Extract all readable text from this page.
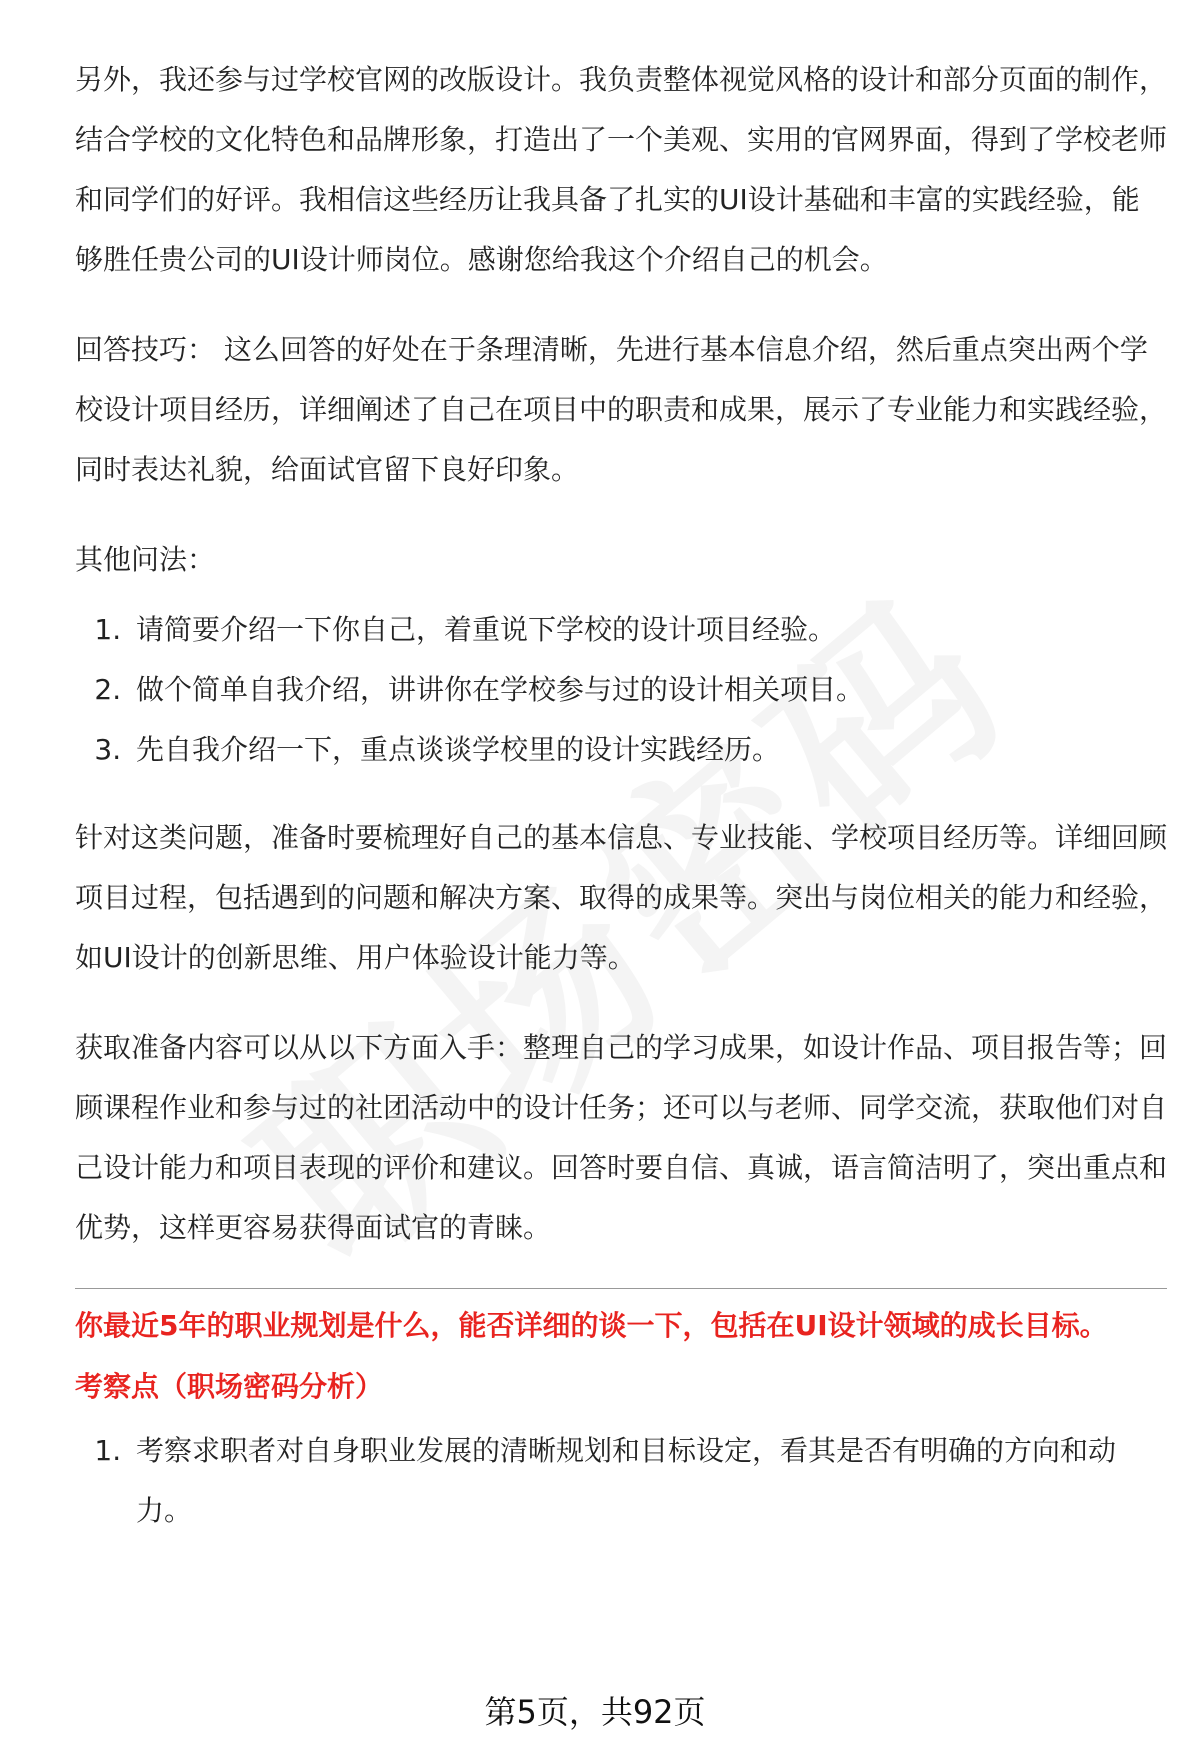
另外，我还参与过学校官网的改版设计。我负责整体视觉风格的设计和部分页面的制作，结合学校的文化特色和品牌形象，打造出了一个美观、实用的官网界面，得到了学校老师和同学们的好评。我相信这些经历让我具备了扎实的UI设计基础和丰富的实践经验，能够胜任贵公司的UI设计师岗位。感谢您给我这个介绍自己的机会。

回答技巧： 这么回答的好处在于条理清晰，先进行基本信息介绍，然后重点突出两个学校设计项目经历，详细阐述了自己在项目中的职责和成果，展示了专业能力和实践经验，同时表达礼貌，给面试官留下良好印象。

其他问法：

1. 请简要介绍一下你自己，着重说下学校的设计项目经验。
2. 做个简单自我介绍，讲讲你在学校参与过的设计相关项目。
3. 先自我介绍一下，重点谈谈学校里的设计实践经历。

针对这类问题，准备时要梳理好自己的基本信息、专业技能、学校项目经历等。详细回顾项目过程，包括遇到的问题和解决方案、取得的成果等。突出与岗位相关的能力和经验，如UI设计的创新思维、用户体验设计能力等。

获取准备内容可以从以下方面入手：整理自己的学习成果，如设计作品、项目报告等；回顾课程作业和参与过的社团活动中的设计任务；还可以与老师、同学交流，获取他们对自己设计能力和项目表现的评价和建议。回答时要自信、真诚，语言简洁明了，突出重点和优势，这样更容易获得面试官的青睐。

你最近5年的职业规划是什么，能否详细的谈一下，包括在UI设计领域的成长目标。
考察点（职场密码分析）
1. 考察求职者对自身职业发展的清晰规划和目标设定，看其是否有明确的方向和动力。
第5页，共92页
